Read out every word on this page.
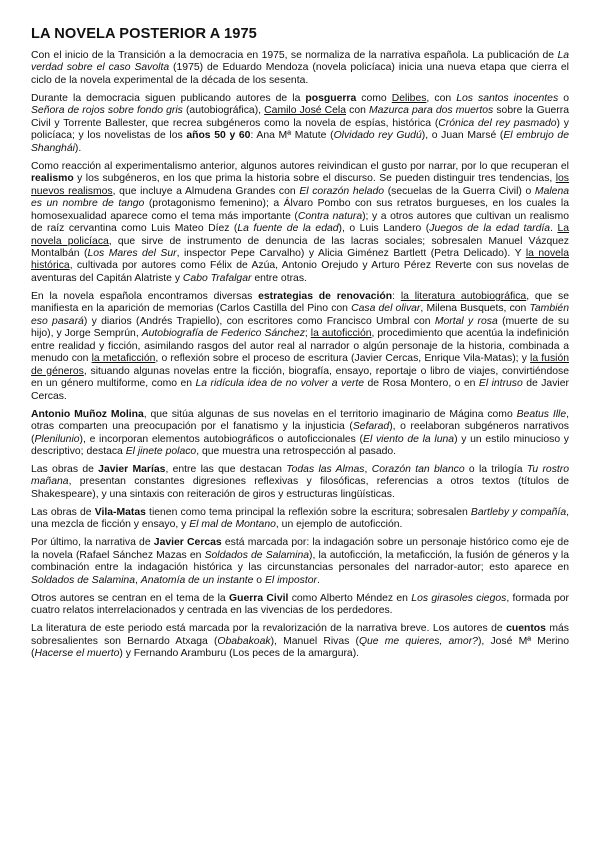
LA NOVELA POSTERIOR A 1975

Con el inicio de la Transición a la democracia en 1975, se normaliza de la narrativa española. La publicación de La verdad sobre el caso Savolta (1975) de Eduardo Mendoza (novela policíaca) inicia una nueva etapa que cierra el ciclo de la novela experimental de la década de los sesenta.

Durante la democracia siguen publicando autores de la posguerra como Delibes, con Los santos inocentes o Señora de rojos sobre fondo gris (autobiográfica), Camilo José Cela con Mazurca para dos muertos sobre la Guerra Civil y Torrente Ballester, que recrea subgéneros como la novela de espías, histórica (Crónica del rey pasmado) y policíaca; y los novelistas de los años 50 y 60: Ana Mª Matute (Olvidado rey Gudú), o Juan Marsé (El embrujo de Shanghái).

Como reacción al experimentalismo anterior, algunos autores reivindican el gusto por narrar, por lo que recuperan el realismo y los subgéneros, en los que prima la historia sobre el discurso. Se pueden distinguir tres tendencias, los nuevos realismos, que incluye a Almudena Grandes con El corazón helado (secuelas de la Guerra Civil) o Malena es un nombre de tango (protagonismo femenino); a Álvaro Pombo con sus retratos burgueses, en los cuales la homosexualidad aparece como el tema más importante (Contra natura); y a otros autores que cultivan un realismo de raíz cervantina como Luis Mateo Díez (La fuente de la edad), o Luis Landero (Juegos de la edad tardía. La novela policíaca, que sirve de instrumento de denuncia de las lacras sociales; sobresalen Manuel Vázquez Montalbán (Los Mares del Sur, inspector Pepe Carvalho) y Alicia Giménez Bartlett (Petra Delicado). Y la novela histórica, cultivada por autores como Félix de Azúa, Antonio Orejudo y Arturo Pérez Reverte con sus novelas de aventuras del Capitán Alatriste y Cabo Trafalgar entre otras.

En la novela española encontramos diversas estrategias de renovación: la literatura autobiográfica, que se manifiesta en la aparición de memorias (Carlos Castilla del Pino con Casa del olivar, Milena Busquets, con También eso pasará) y diarios (Andrés Trapiello), con escritores como Francisco Umbral con Mortal y rosa (muerte de su hijo), y Jorge Semprún, Autobiografía de Federico Sánchez; la autoficción, procedimiento que acentúa la indefinición entre realidad y ficción, asimilando rasgos del autor real al narrador o algún personaje de la historia, combinada a menudo con la metaficción, o reflexión sobre el proceso de escritura (Javier Cercas, Enrique Vila-Matas); y la fusión de géneros, situando algunas novelas entre la ficción, biografía, ensayo, reportaje o libro de viajes, convirtiéndose en un género multiforme, como en La ridícula idea de no volver a verte de Rosa Montero, o en El intruso de Javier Cercas.

Antonio Muñoz Molina, que sitúa algunas de sus novelas en el territorio imaginario de Mágina como Beatus Ille, otras comparten una preocupación por el fanatismo y la injusticia (Sefarad), o reelaboran subgéneros narrativos (Plenilunio), e incorporan elementos autobiográficos o autoficcionales (El viento de la luna) y un estilo minucioso y descriptivo; destaca El jinete polaco, que muestra una retrospección al pasado.

Las obras de Javier Marías, entre las que destacan Todas las Almas, Corazón tan blanco o la trilogía Tu rostro mañana, presentan constantes digresiones reflexivas y filosóficas, referencias a otros textos (títulos de Shakespeare), y una sintaxis con reiteración de giros y estructuras lingüísticas.

Las obras de Vila-Matas tienen como tema principal la reflexión sobre la escritura; sobresalen Bartleby y compañía, una mezcla de ficción y ensayo, y El mal de Montano, un ejemplo de autoficción.

Por último, la narrativa de Javier Cercas está marcada por: la indagación sobre un personaje histórico como eje de la novela (Rafael Sánchez Mazas en Soldados de Salamina), la autoficción, la metaficción, la fusión de géneros y la combinación entre la indagación histórica y las circunstancias personales del narrador-autor; esto aparece en Soldados de Salamina, Anatomía de un instante o El impostor.

Otros autores se centran en el tema de la Guerra Civil como Alberto Méndez en Los girasoles ciegos, formada por cuatro relatos interrelacionados y centrada en las vivencias de los perdedores.

La literatura de este periodo está marcada por la revalorización de la narrativa breve. Los autores de cuentos más sobresalientes son Bernardo Atxaga (Obabakoak), Manuel Rivas (Que me quieres, amor?), José Mª Merino (Hacerse el muerto) y Fernando Aramburu (Los peces de la amargura).
